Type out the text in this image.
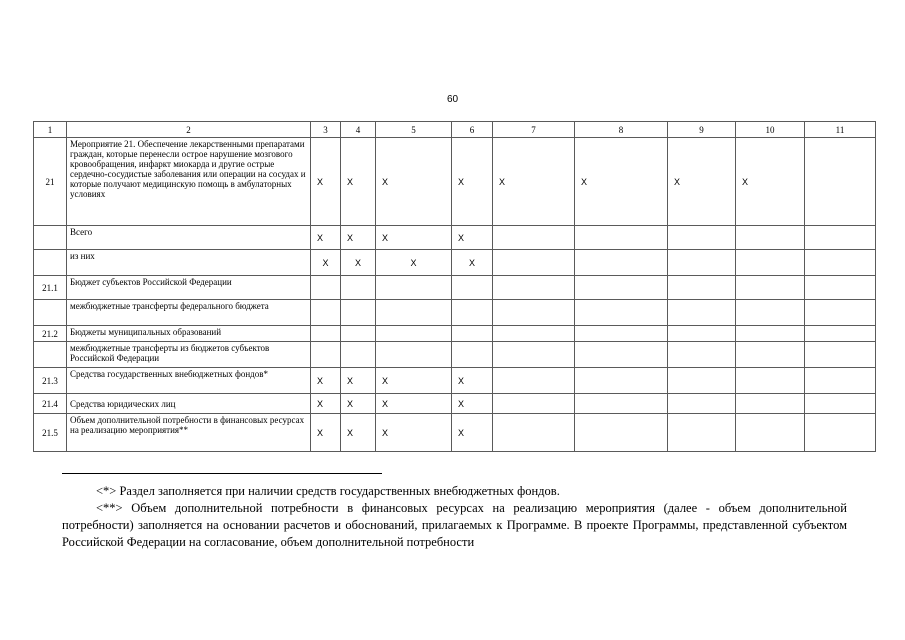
60
1	2	3	4	5	6	7	8	9	10	11
21	Мероприятие 21. Обеспечение лекарственными препаратами граждан, которые перенесли острое нарушение мозгового кровообращения, инфаркт миокарда и другие острые сердечно-сосудистые заболевания или операции на сосудах и которые получают медицинскую помощь в амбулаторных условиях	X	X	X	X	X	X	X	X	
	Всего	X	X	X	X					
	из них	X	X	X	X					
21.1	Бюджет субъектов Российской Федерации									
	межбюджетные трансферты федерального бюджета									
21.2	Бюджеты муниципальных образований									
	межбюджетные трансферты из бюджетов субъектов Российской Федерации									
21.3	Средства государственных внебюджетных фондов*	X	X	X	X					
21.4	Средства юридических лиц	X	X	X	X					
21.5	Объем дополнительной потребности в финансовых ресурсах на реализацию мероприятия**	X	X	X	X					

<*> Раздел заполняется при наличии средств государственных внебюджетных фондов.

<**> Объем дополнительной потребности в финансовых ресурсах на реализацию мероприятия (далее - объем дополнительной потребности) заполняется на основании расчетов и обоснований, прилагаемых к Программе. В проекте Программы, представленной субъектом Российской Федерации на согласование, объем дополнительной потребности
